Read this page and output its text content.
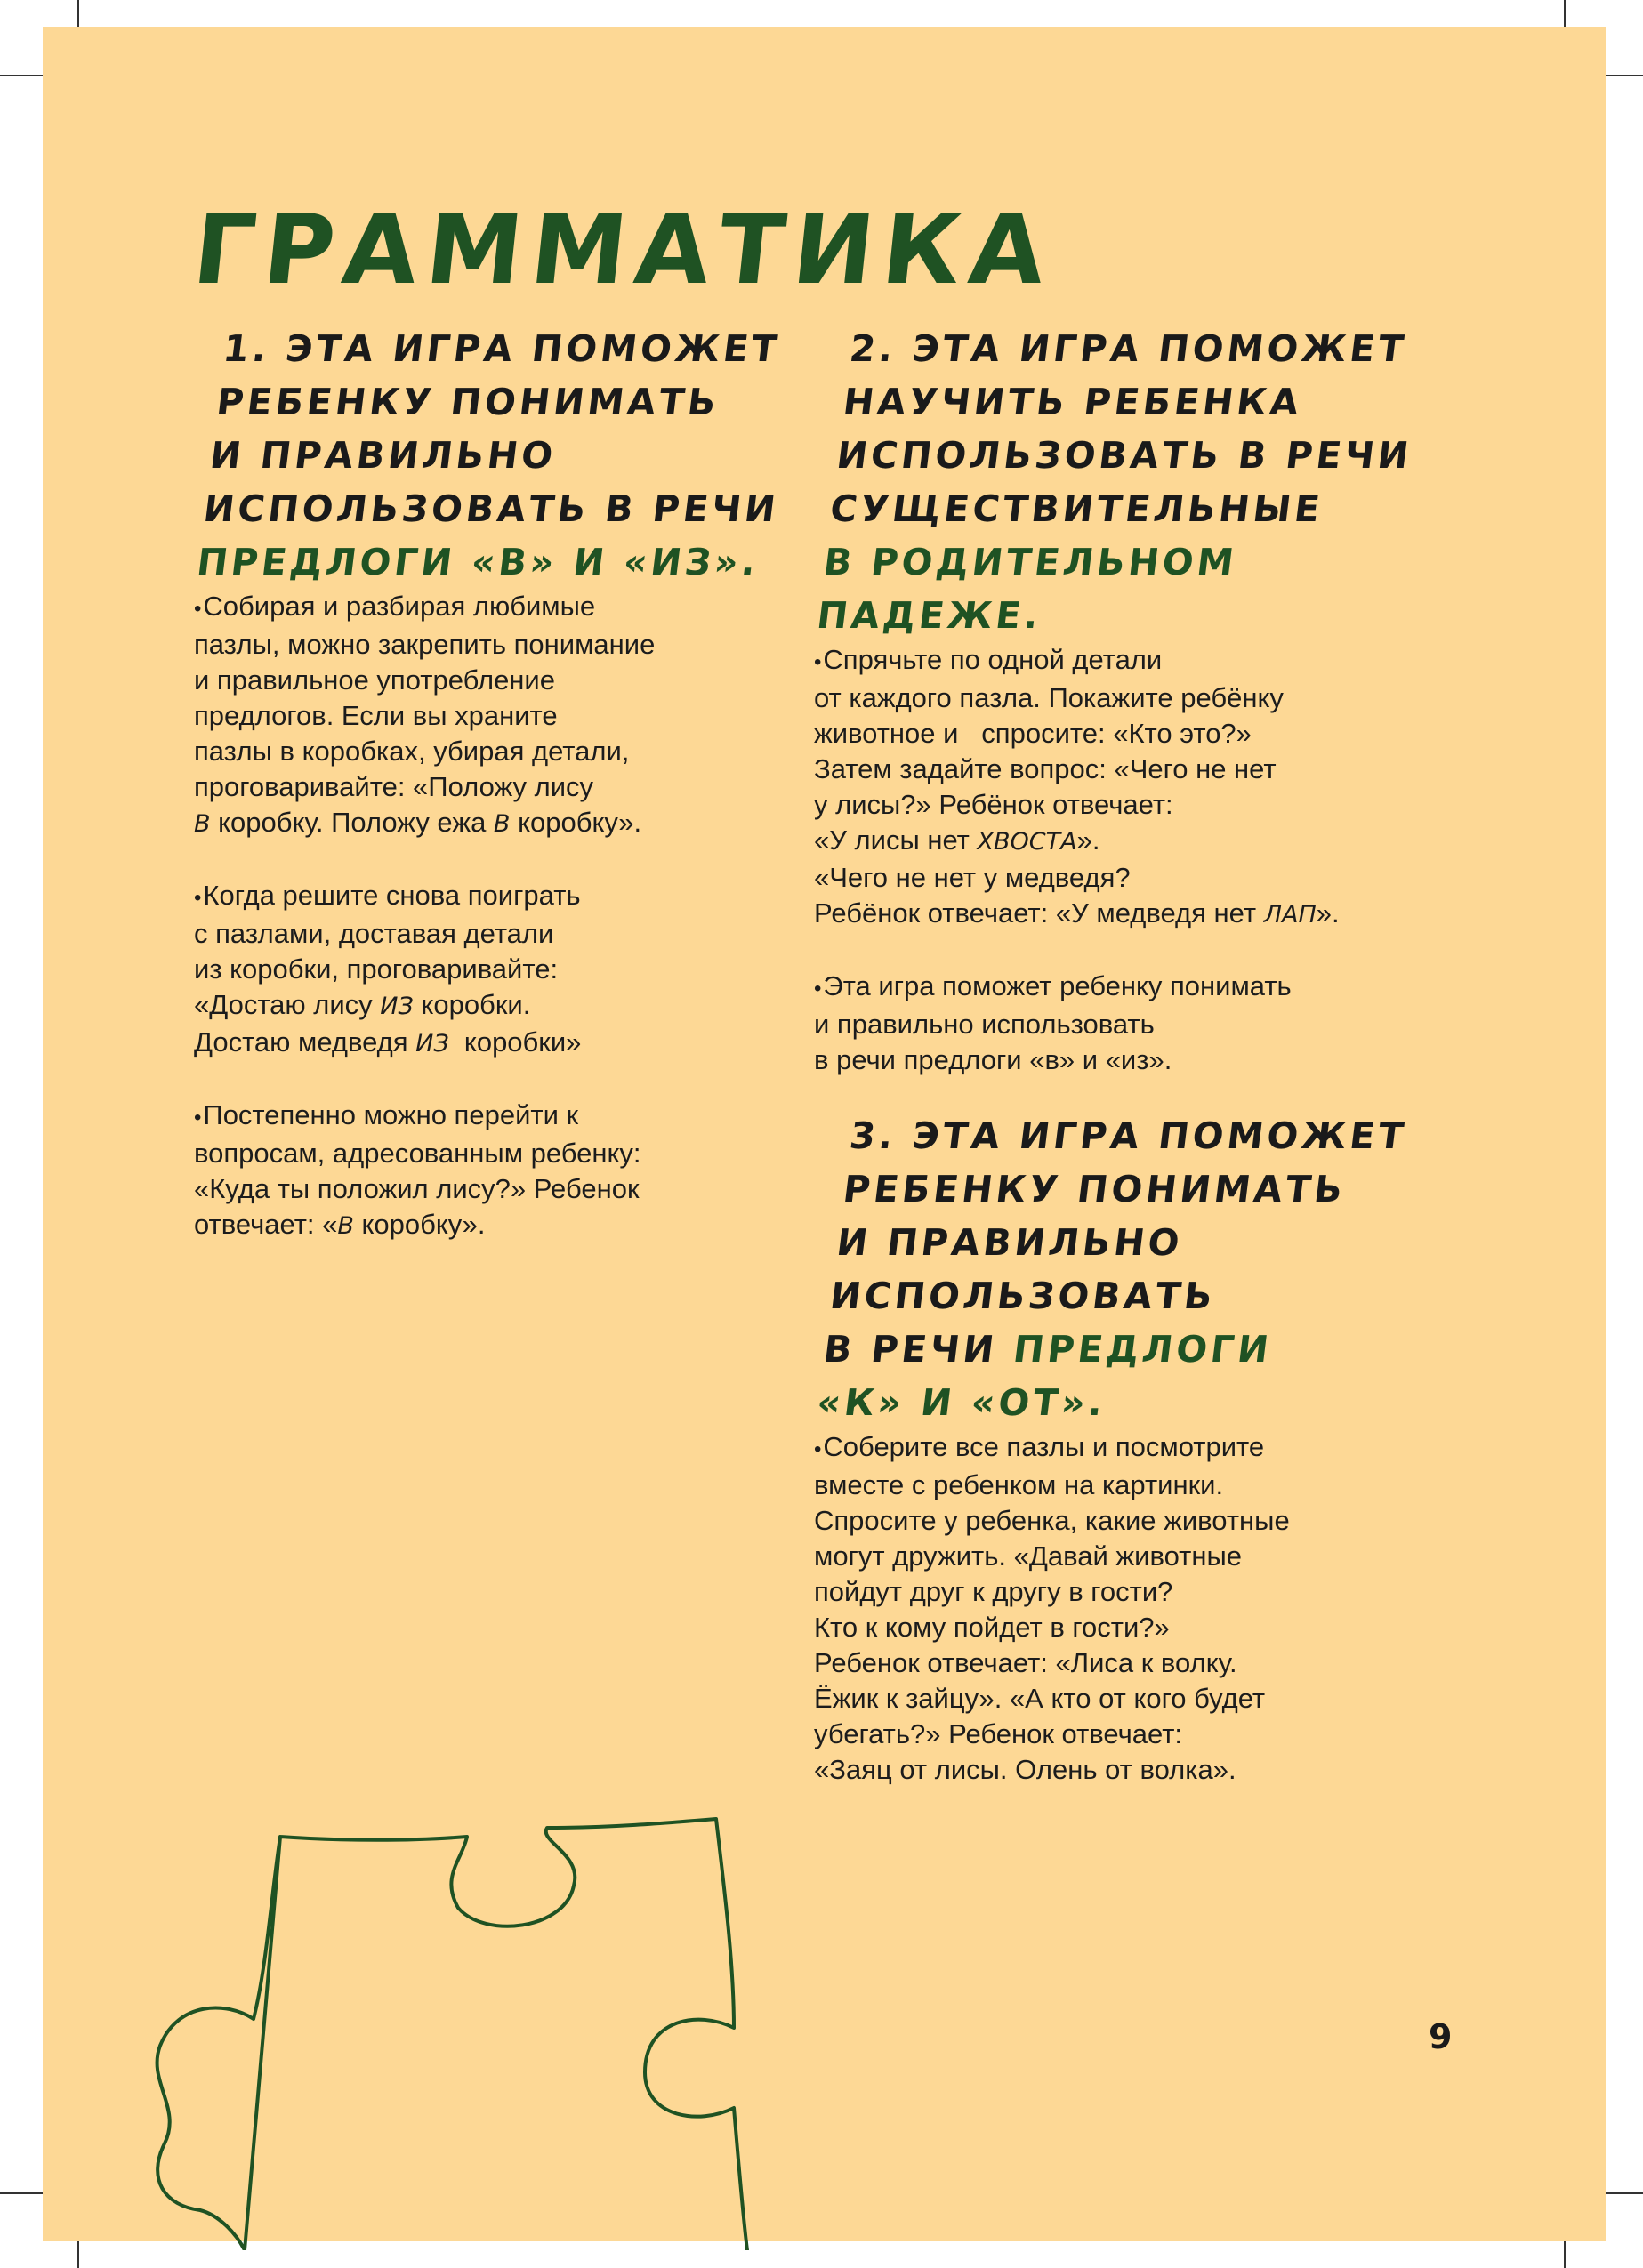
ГРАММАТИКА
1. ЭТА ИГРА ПОМОЖЕТ
РЕБЕНКУ ПОНИМАТЬ
И ПРАВИЛЬНО
ИСПОЛЬЗОВАТЬ В РЕЧИ
ПРЕДЛОГИ «В» И «ИЗ».

•Собирая и разбирая любимые
пазлы, можно закрепить понимание
и правильное употребление
предлогов. Если вы храните
пазлы в коробках, убирая детали,
проговаривайте: «Положу лису
В коробку. Положу ежа В коробку».

•Когда решите снова поиграть
с пазлами, доставая детали
из коробки, проговаривайте:
«Достаю лису ИЗ коробки.
Достаю медведя ИЗ  коробки»

•Постепенно можно перейти к
вопросам, адресованным ребенку:
«Куда ты положил лису?» Ребенок
отвечает: «В коробку».

2. ЭТА ИГРА ПОМОЖЕТ
НАУЧИТЬ РЕБЕНКА
ИСПОЛЬЗОВАТЬ В РЕЧИ
СУЩЕСТВИТЕЛЬНЫЕ
В РОДИТЕЛЬНОМ
ПАДЕЖЕ.

•Спрячьте по одной детали
от каждого пазла. Покажите ребёнку
животное и   спросите: «Кто это?»
Затем задайте вопрос: «Чего не нет
у лисы?» Ребёнок отвечает:
«У лисы нет ХВОСТА».
«Чего не нет у медведя?
Ребёнок отвечает: «У медведя нет ЛАП».

•Эта игра поможет ребенку понимать
и правильно использовать
в речи предлоги «в» и «из».

3. ЭТА ИГРА ПОМОЖЕТ
РЕБЕНКУ ПОНИМАТЬ
И ПРАВИЛЬНО ИСПОЛЬЗОВАТЬ
В РЕЧИ ПРЕДЛОГИ
«К» И «ОТ».

•Соберите все пазлы и посмотрите
вместе с ребенком на картинки.
Спросите у ребенка, какие животные
могут дружить. «Давай животные
пойдут друг к другу в гости?
Кто к кому пойдет в гости?»
Ребенок отвечает: «Лиса к волку.
Ёжик к зайцу». «А кто от кого будет
убегать?» Ребенок отвечает:
«Заяц от лисы. Олень от волка».

9
